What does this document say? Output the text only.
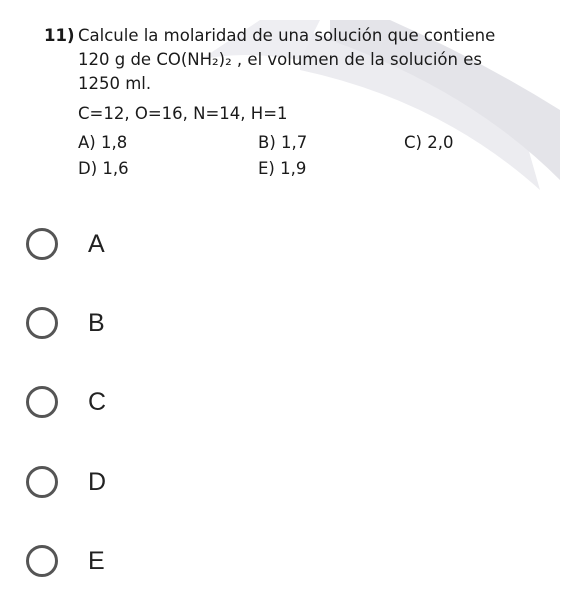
11) Calcule la molaridad de una solución que contiene
120 g de CO(NH₂)₂ , el volumen de la solución es
1250 ml.
C=12, O=16, N=14, H=1
A) 1,8	B) 1,7	C) 2,0
D) 1,6	E) 1,9
A
B
C
D
E
